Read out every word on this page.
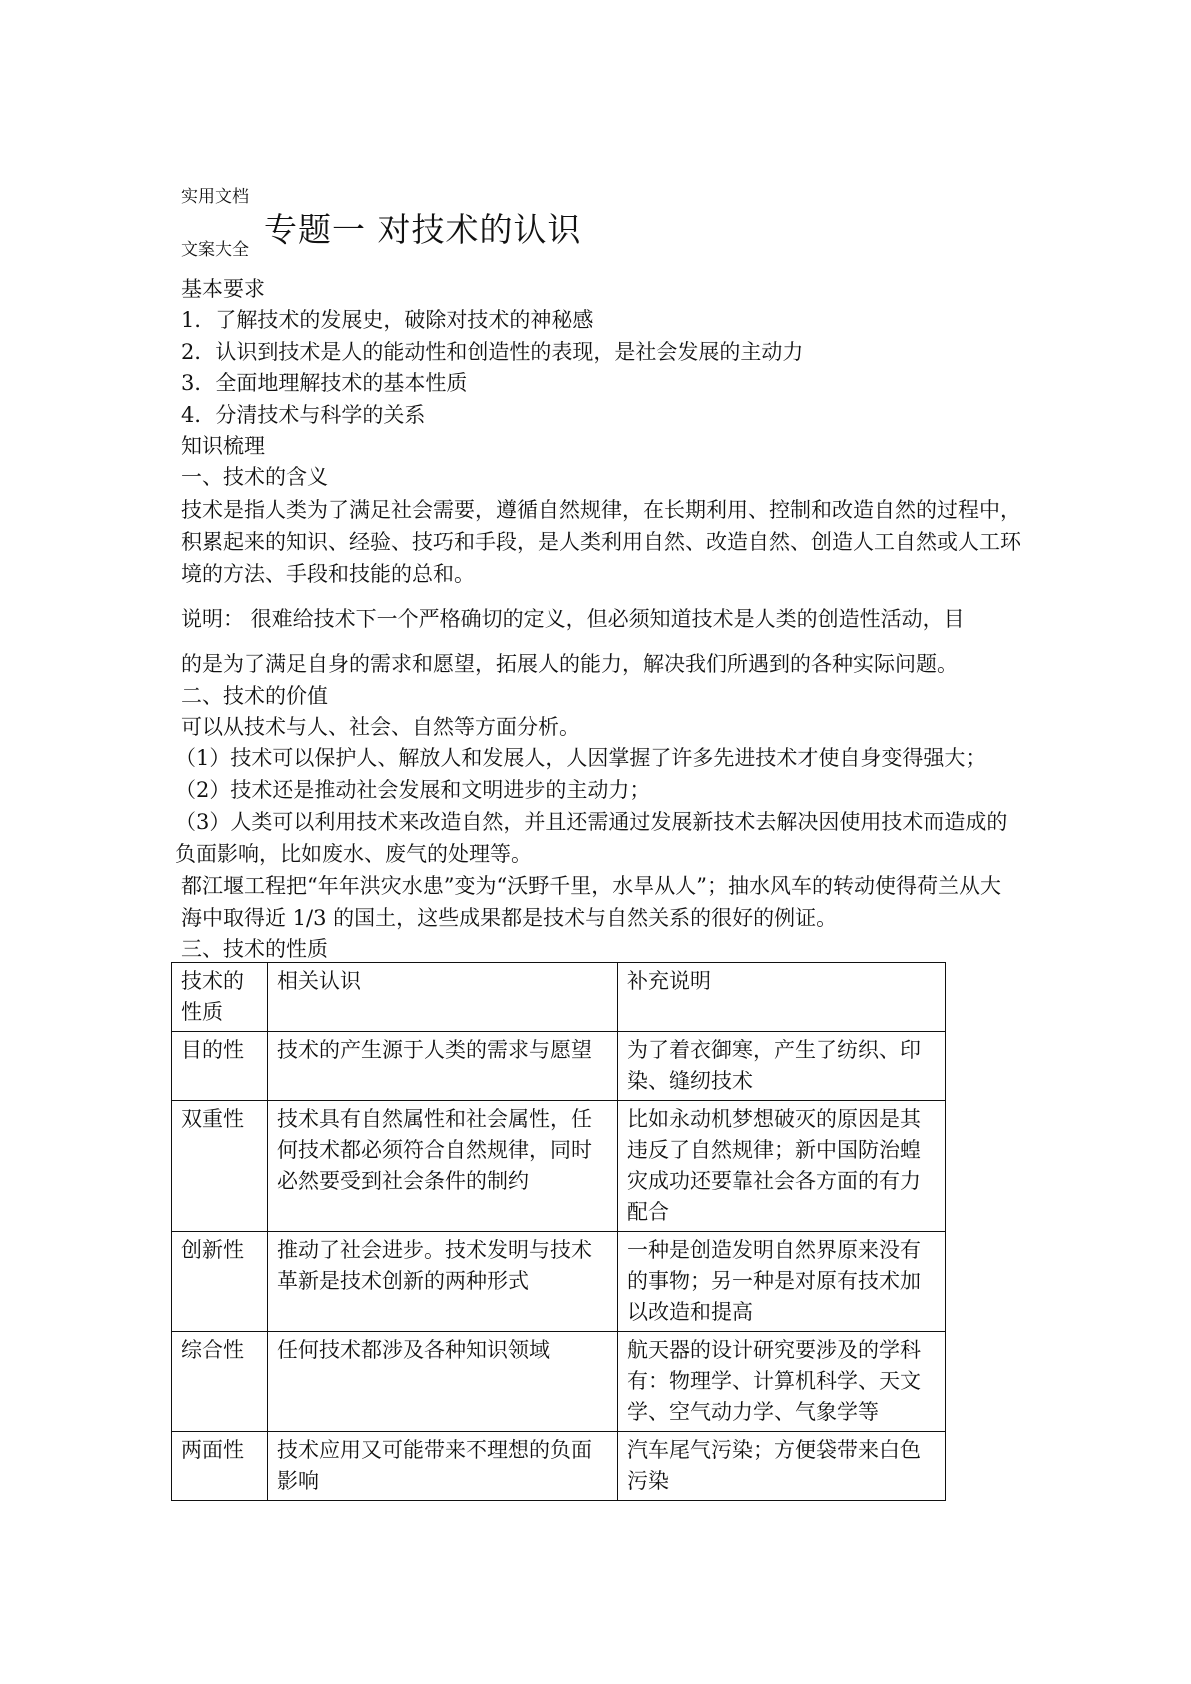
实用文档
专题一 对技术的认识
文案大全

基本要求

1．了解技术的发展史，破除对技术的神秘感

2．认识到技术是人的能动性和创造性的表现，是社会发展的主动力

3．全面地理解技术的基本性质

4．分清技术与科学的关系

知识梳理

一、技术的含义

技术是指人类为了满足社会需要，遵循自然规律，在长期利用、控制和改造自然的过程中，积累起来的知识、经验、技巧和手段，是人类利用自然、改造自然、创造人工自然或人工环境的方法、手段和技能的总和。

说明： 很难给技术下一个严格确切的定义，但必须知道技术是人类的创造性活动，目

的是为了满足自身的需求和愿望，拓展人的能力，解决我们所遇到的各种实际问题。

二、技术的价值

可以从技术与人、社会、自然等方面分析。

（1）技术可以保护人、解放人和发展人，人因掌握了许多先进技术才使自身变得强大；

（2）技术还是推动社会发展和文明进步的主动力；

（3）人类可以利用技术来改造自然，并且还需通过发展新技术去解决因使用技术而造成的负面影响，比如废水、废气的处理等。

都江堰工程把“年年洪灾水患”变为“沃野千里，水旱从人”；抽水风车的转动使得荷兰从大海中取得近 1/3 的国土，这些成果都是技术与自然关系的很好的例证。

三、技术的性质

技术的性质	相关认识	补充说明
目的性	技术的产生源于人类的需求与愿望	为了着衣御寒，产生了纺织、印染、缝纫技术
双重性	技术具有自然属性和社会属性，任何技术都必须符合自然规律，同时必然要受到社会条件的制约	比如永动机梦想破灭的原因是其违反了自然规律；新中国防治蝗灾成功还要靠社会各方面的有力配合
创新性	推动了社会进步。技术发明与技术革新是技术创新的两种形式	一种是创造发明自然界原来没有的事物；另一种是对原有技术加以改造和提高
综合性	任何技术都涉及各种知识领域	航天器的设计研究要涉及的学科有：物理学、计算机科学、天文学、空气动力学、气象学等
两面性	技术应用又可能带来不理想的负面影响	汽车尾气污染；方便袋带来白色污染
